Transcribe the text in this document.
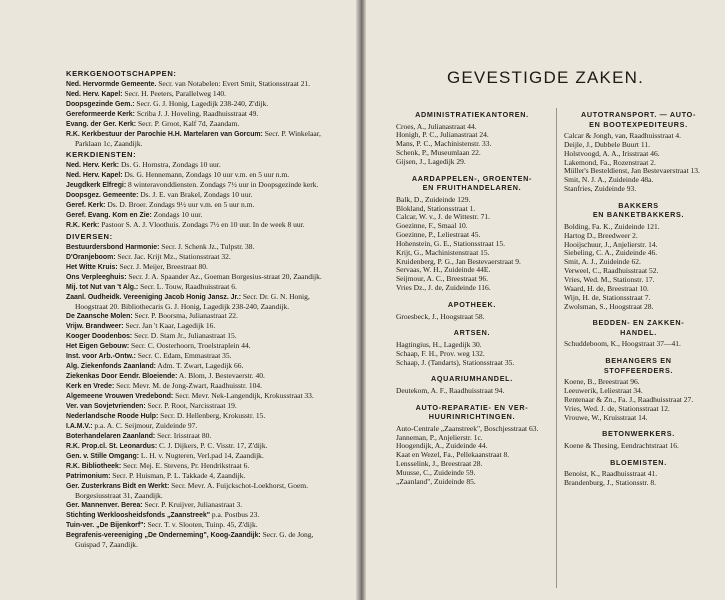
KERKGENOOTSCHAPPEN:

Ned. Hervormde Gemeente. Secr. van Notabelen: Evert Smit, Stationsstraat 21.

Ned. Herv. Kapel: Secr. H. Peeters, Parallelweg 140.

Doopsgezinde Gem.: Secr. G. J. Honig, Lagedijk 238-240, Z'dijk.

Gereformeerde Kerk: Scriba J. J. Hoveling, Raadhuisstraat 49.

Evang. der Ger. Kerk: Secr. P. Groot, Kalf 7d, Zaandam.

R.K. Kerkbestuur der Parochie H.H. Martelaren van Gorcum: Secr. P. Winkelaar, Parklaan 1c, Zaandijk.

KERKDIENSTEN:

Ned. Herv. Kerk: Ds. G. Hornstra, Zondags 10 uur.

Ned. Herv. Kapel: Ds. G. Hennemann, Zondags 10 uur v.m. en 5 uur n.m.

Jeugdkerk Elfregi: 8 winteravonddiensten. Zondags 7½ uur in Doopsgezinde kerk.

Doopsgez. Gemeente: Ds. J. E. van Brakel, Zondags 10 uur.

Geref. Kerk: Ds. D. Broer. Zondags 9½ uur v.m. en 5 uur n.m.

Geref. Evang. Kom en Zie: Zondags 10 uur.

R.K. Kerk: Pastoor S. A. J. Vloothuis. Zondags 7½ en 10 uur. In de week 8 uur.

DIVERSEN:

Bestuurdersbond Harmonie: Secr. J. Schenk Jz., Tulpstr. 38.

D'Oranjeboom: Secr. Jac. Krijt Mz., Stationsstraat 32.

Het Witte Kruis: Secr. J. Meijer, Breestraat 80.

Ons Verpleeghuis: Secr. J. A. Spaander Az., Goeman Borgesius-straat 20, Zaandijk.

Mij. tot Nut van 't Alg.: Secr. L. Touw, Raadhuisstraat 6.

Zaanl. Oudheidk. Vereeniging Jacob Honig Jansz. Jr.: Secr. Dr. G. N. Honig, Hoogstraat 20. Bibliothecaris G. J. Honig, Lagedijk 238-240, Zaandijk.

De Zaansche Molen: Secr. P. Boorsma, Julianastraat 22.

Vrijw. Brandweer: Secr. Jan 't Kaar, Lagedijk 16.

Kooger Doodenbos: Secr. D. Stam Jr., Julianastraat 15.

Het Eigen Gebouw: Secr. C. Oosterhoorn, Troelstraplein 44.

Inst. voor Arb.-Ontw.: Secr. C. Edam, Emmastraat 35.

Alg. Ziekenfonds Zaanland: Adm. T. Zwart, Lagedijk 66.

Ziekenkas Door Eendr. Bloeiende: A. Blom, J. Bestevaerstr. 40.

Kerk en Vrede: Secr. Mevr. M. de Jong-Zwart, Raadhuisstr. 104.

Algemeene Vrouwen Vredebond: Secr. Mevr. Nek-Langendijk, Krokusstraat 33.

Ver. van Sovjetvrienden: Secr. P. Root, Narcisstraat 19.

Nederlandsche Roode Hulp: Secr. D. Hellenberg, Krokusstr. 15.

I.A.M.V.: p.a. A. C. Seijmour, Zuideinde 97.

Boterhandelaren Zaanland: Secr. Irisstraat 80.

R.K. Prop.cl. St. Leonardus: C. J. Dijkers, P. C. Visstr. 17, Z'dijk.

Gen. v. Stille Omgang: L. H. v. Nugteren, Verl.pad 14, Zaandijk.

R.K. Bibliotheek: Secr. Mej. E. Stevens, Pr. Hendrikstraat 6.

Patrimonium: Secr. P. Huisman, P. L. Takkade 4, Zaandijk.

Ger. Zusterkrans Bidt en Werkt: Secr. Mevr. A. Fuijckschot-Loekhorst, Goem. Borgesiusstraat 31, Zaandijk.

Ger. Mannenver. Berea: Secr. P. Kruijver, Julianastraat 3.

Stichting Werkloosheidsfonds „Zaanstreek" p.a. Postbus 23.

Tuin-ver. „De Bijenkorf": Secr. T. v. Slooten, Tuinp. 45, Z'dijk.

Begrafenis-vereeniging „De Onderneming", Koog-Zaandijk: Secr. G. de Jong, Guispad 7, Zaandijk.

GEVESTIGDE ZAKEN.

ADMINISTRATIEKANTOREN.

Croes, A., Julianastraat 44.

Honigh, P. C., Julianastraat 24.

Mans, P. C., Machinistenstr. 33.

Schenk, P., Museumlaan 22.

Gijsen, J., Lagedijk 29.

AARDAPPELEN-, GROENTEN-
EN FRUITHANDELAREN.

Balk, D., Zuideinde 129.

Blokland, Stationsstraat 1.

Calcar, W. v., J. de Wittestr. 71.

Goezinne, F., Smaal 10.

Goezinne, P., Leliestraat 45.

Hohenstein, G. E., Stationsstraat 15.

Krijt, G., Machinistenstraat 15.

Kruidenberg, P. G., Jan Bestevaerstraat 9.

Servaas, W. H., Zuideinde 44E.

Seijmour, A. C., Breestraat 96.

Vries Dz., J. de, Zuideinde 116.

APOTHEEK.

Groesbeck, J., Hoogstraat 58.

ARTSEN.

Hagtingius, H., Lagedijk 30.

Schaap, F. H., Prov. weg 132.

Schaap, J. (Tandarts), Stationsstraat 35.

AQUARIUMHANDEL.

Deutekom, A. F., Raadhuisstraat 94.

AUTO-REPARATIE- EN VER-
HUURINRICHTINGEN.

Auto-Centrale „Zaanstreek", Boschjesstraat 63.

Janneman, P., Anjelierstr. 1c.

Hoogendijk, A., Zuideinde 44.

Kaat en Wezel, Fa., Pellekaanstraat 8.

Lensselink, J., Breestraat 28.

Muusse, C., Zuideinde 59.

„Zaanland", Zuideinde 85.

AUTOTRANSPORT. — AUTO-
EN BOOTEXPEDITEURS.

Calcar & Jongh, van, Raadhuisstraat 4.

Deijle, J., Dubbele Buurt 11.

Holstvoogd, A. A., Irisstraat 46.

Lakemond, Fa., Rozenstraat 2.

Müller's Besteldienst, Jan Bestevaerstraat 13.

Smit, N. J. A., Zuideinde 48a.

Stanfries, Zuideinde 93.

BAKKERS
EN BANKETBAKKERS.

Bolding, Fa. K., Zuideinde 121.

Hartog D., Breedweer 2.

Hooijschuur, J., Anjelierstr. 14.

Siebeling, C. A., Zuideinde 46.

Smit, A. J., Zuideinde 62.

Verweel, C., Raadhuisstraat 52.

Vries, Wed. M., Stationstr. 17.

Waard, H. de, Breestraat 10.

Wijn, H. de, Stationsstraat 7.

Zwolsman, S., Hoogstraat 28.

BEDDEN- EN ZAKKEN-
HANDEL.

Schuddeboom, K., Hoogstraat 37—41.

BEHANGERS EN
STOFFEERDERS.

Koene, B., Breestraat 96.

Leeuwerik, Leliestraat 34.

Rentenaar & Zn., Fa. J., Raadhuisstraat 27.

Vries, Wed. J. de, Stationsstraat 12.

Vrouwe, W., Kruisstraat 14.

BETONWERKERS.

Koene & Thesing, Eendrachtstraat 16.

BLOEMISTEN.

Benoist, K., Raadhuisstraat 41.

Brandenburg, J., Stationsstr. 8.
